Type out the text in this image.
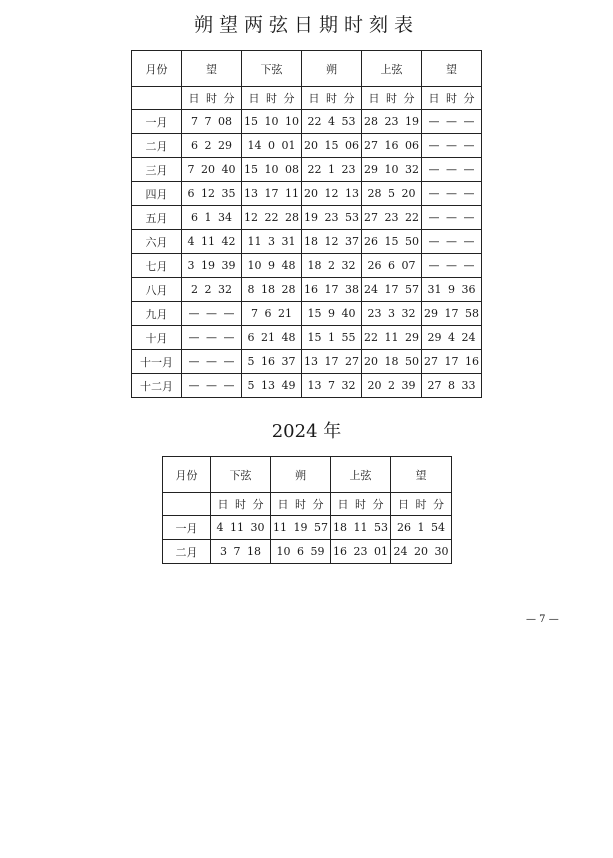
朔望两弦日期时刻表
月份	望	下弦	朔	上弦	望
	日 时 分	日 时 分	日 时 分	日 时 分	日 时 分
一月	7 7 08	15 10 10	22 4 53	28 23 19	— — —
二月	6 2 29	14 0 01	20 15 06	27 16 06	— — —
三月	7 20 40	15 10 08	22 1 23	29 10 32	— — —
四月	6 12 35	13 17 11	20 12 13	28 5 20	— — —
五月	6 1 34	12 22 28	19 23 53	27 23 22	— — —
六月	4 11 42	11 3 31	18 12 37	26 15 50	— — —
七月	3 19 39	10 9 48	18 2 32	26 6 07	— — —
八月	2 2 32	8 18 28	16 17 38	24 17 57	31 9 36
九月	— — —	7 6 21	15 9 40	23 3 32	29 17 58
十月	— — —	6 21 48	15 1 55	22 11 29	29 4 24
十一月	— — —	5 16 37	13 17 27	20 18 50	27 17 16
十二月	— — —	5 13 49	13 7 32	20 2 39	27 8 33
2024 年
月份	下弦	朔	上弦	望
	日 时 分	日 时 分	日 时 分	日 时 分
一月	4 11 30	11 19 57	18 11 53	26 1 54
二月	3 7 18	10 6 59	16 23 01	24 20 30
— 7 —
